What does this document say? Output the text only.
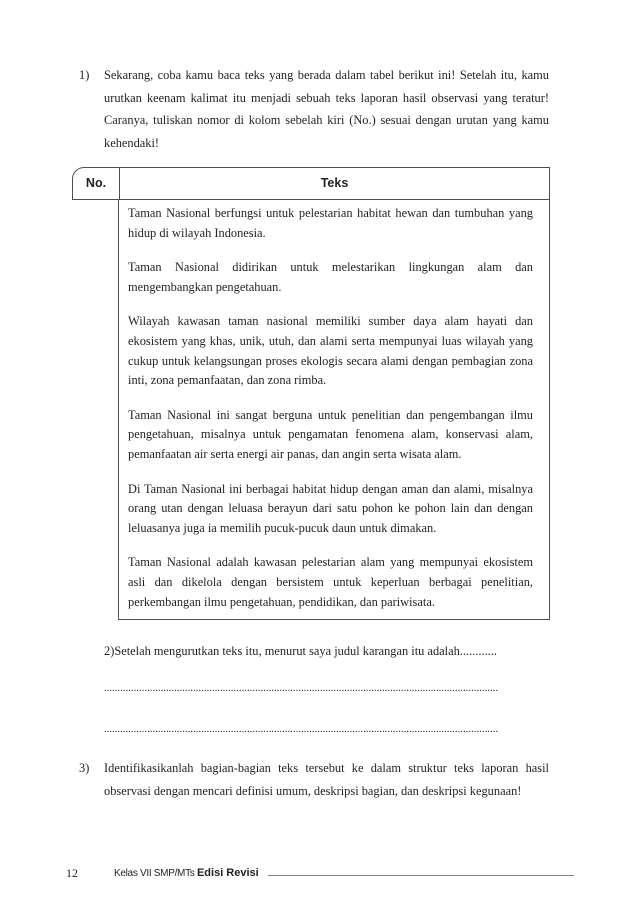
1) Sekarang, coba kamu baca teks yang berada dalam tabel berikut ini! Setelah itu, kamu urutkan keenam kalimat itu menjadi sebuah teks laporan hasil observasi yang teratur! Caranya, tuliskan nomor di kolom sebelah kiri (No.) sesuai dengan urutan yang kamu kehendaki!
No.	Teks
Taman Nasional berfungsi untuk pelestarian habitat hewan dan tumbuhan yang hidup di wilayah Indonesia.
Taman Nasional didirikan untuk melestarikan lingkungan alam dan mengembangkan pengetahuan.
Wilayah kawasan taman nasional memiliki sumber daya alam hayati dan ekosistem yang khas, unik, utuh, dan alami serta mempunyai luas wilayah yang cukup untuk kelangsungan proses ekologis secara alami dengan pembagian zona inti, zona pemanfaatan, dan zona rimba.
Taman Nasional ini sangat berguna untuk penelitian dan pengembangan ilmu pengetahuan, misalnya untuk pengamatan fenomena alam, konservasi alam, pemanfaatan air serta energi air panas, dan angin serta wisata alam.
Di Taman Nasional ini berbagai habitat hidup dengan aman dan alami, misalnya orang utan dengan leluasa berayun dari satu pohon ke pohon lain dan dengan leluasanya juga ia memilih pucuk-pucuk daun untuk dimakan.
Taman Nasional adalah kawasan pelestarian alam yang mempunyai ekosistem asli dan dikelola dengan bersistem untuk keperluan berbagai penelitian, perkembangan ilmu pengetahuan, pendidikan, dan pariwisata.
2)Setelah mengurutkan teks itu, menurut saya judul karangan itu adalah............
..................................................................................................................................................
..................................................................................................................................................
3) Identifikasikanlah bagian-bagian teks tersebut ke dalam struktur teks laporan hasil observasi dengan mencari definisi umum, deskripsi bagian, dan deskripsi kegunaan!
12	Kelas VII SMP/MTs Edisi Revisi
